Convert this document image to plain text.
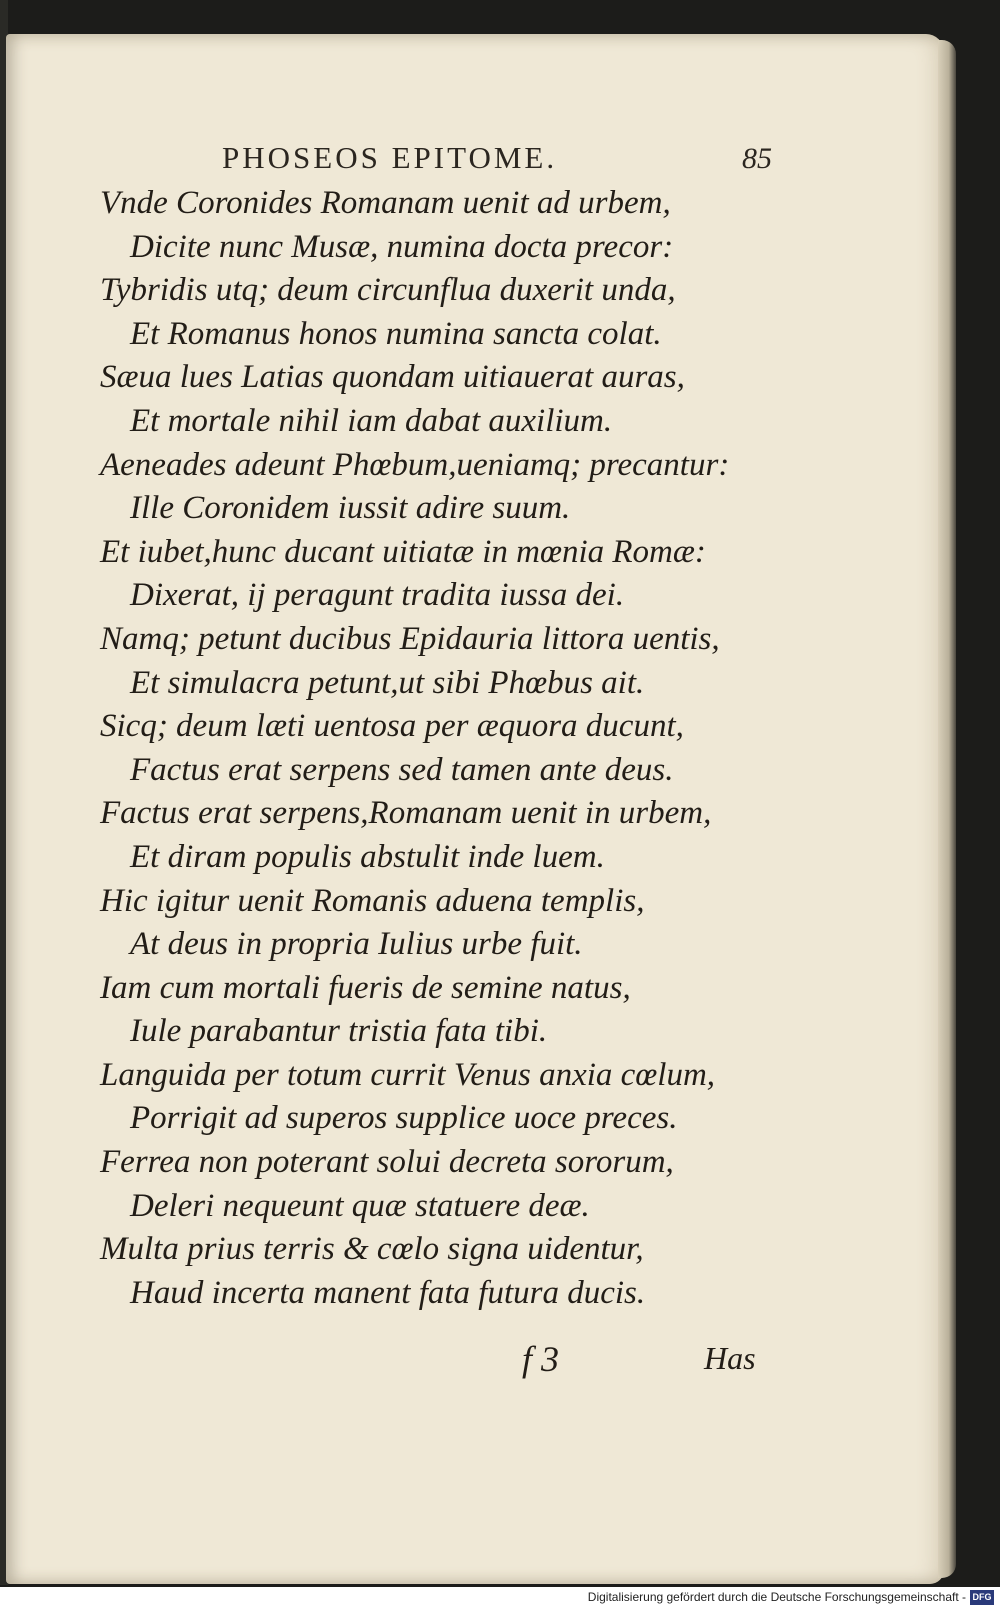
PHOSEOS EPITOME.	85
Vnde Coronides Romanam uenit ad urbem,
Dicite nunc Musæ, numina docta precor:
Tybridis utq; deum circunflua duxerit unda,
Et Romanus honos numina sancta colat.
Sæua lues Latias quondam uitiauerat auras,
Et mortale nihil iam dabat auxilium.
Aeneades adeunt Phœbum,ueniamq; precantur:
Ille Coronidem iussit adire suum.
Et iubet,hunc ducant uitiatæ in mœnia Romæ:
Dixerat, ij peragunt tradita iussa dei.
Namq; petunt ducibus Epidauria littora uentis,
Et simulacra petunt,ut sibi Phœbus ait.
Sicq; deum læti uentosa per æquora ducunt,
Factus erat serpens sed tamen ante deus.
Factus erat serpens,Romanam uenit in urbem,
Et diram populis abstulit inde luem.
Hic igitur uenit Romanis aduena templis,
At deus in propria Iulius urbe fuit.
Iam cum mortali fueris de semine natus,
Iule parabantur tristia fata tibi.
Languida per totum currit Venus anxia cœlum,
Porrigit ad superos supplice uoce preces.
Ferrea non poterant solui decreta sororum,
Deleri nequeunt quæ statuere deæ.
Multa prius terris & cœlo signa uidentur,
Haud incerta manent fata futura ducis.
f 3	Has
Digitalisierung gefördert durch die Deutsche Forschungsgemeinschaft - DFG
